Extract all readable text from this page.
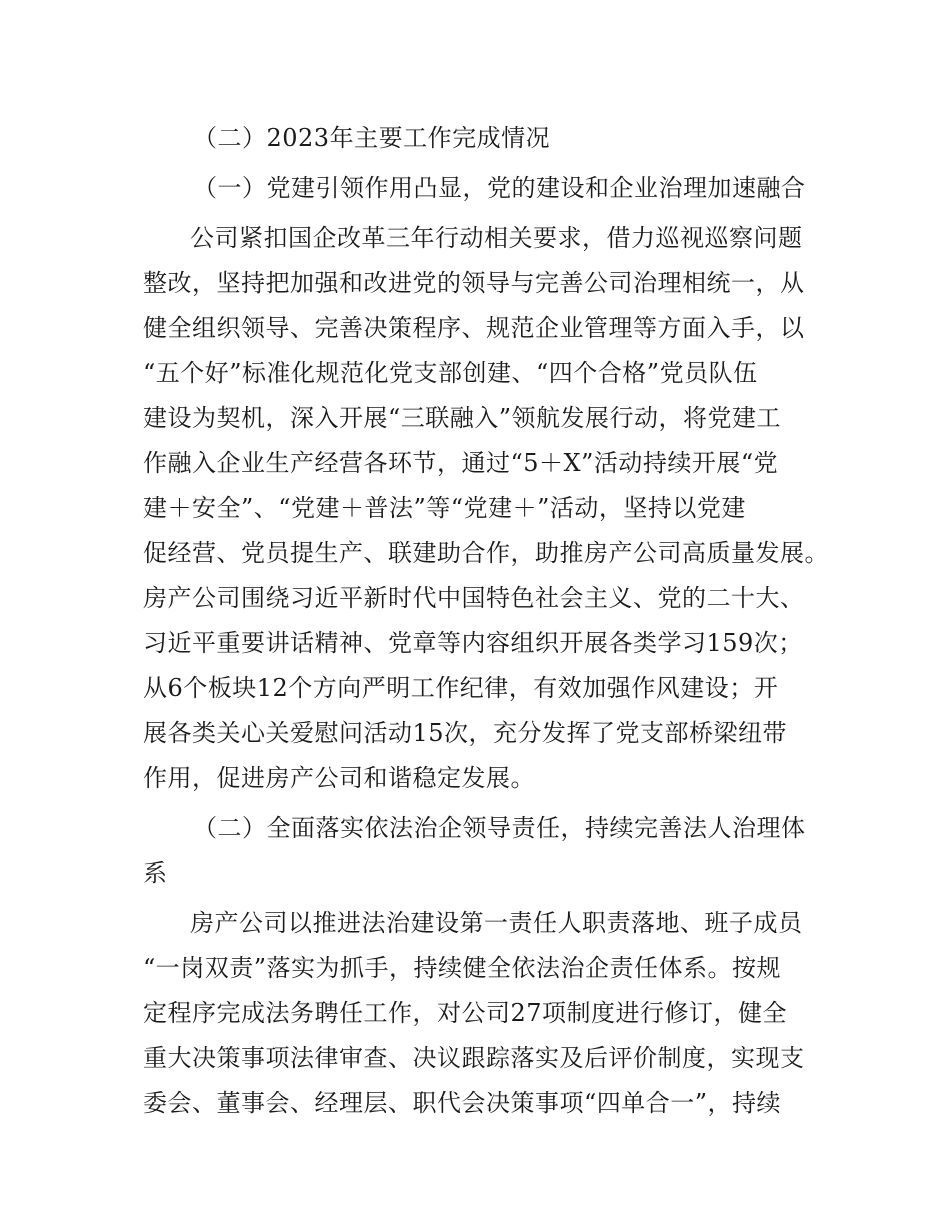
（二）2023年主要工作完成情况
（一）党建引领作用凸显，党的建设和企业治理加速融合
公司紧扣国企改革三年行动相关要求，借力巡视巡察问题
整改，坚持把加强和改进党的领导与完善公司治理相统一，从
健全组织领导、完善决策程序、规范企业管理等方面入手，以
“五个好”标准化规范化党支部创建、“四个合格”党员队伍
建设为契机，深入开展“三联融入”领航发展行动，将党建工
作融入企业生产经营各环节，通过“5＋X”活动持续开展“党
建＋安全”、“党建＋普法”等“党建＋”活动，坚持以党建
促经营、党员提生产、联建助合作，助推房产公司高质量发展。
房产公司围绕习近平新时代中国特色社会主义、党的二十大、
习近平重要讲话精神、党章等内容组织开展各类学习159次；
从6个板块12个方向严明工作纪律，有效加强作风建设；开
展各类关心关爱慰问活动15次，充分发挥了党支部桥梁纽带
作用，促进房产公司和谐稳定发展。
（二）全面落实依法治企领导责任，持续完善法人治理体
系
房产公司以推进法治建设第一责任人职责落地、班子成员
“一岗双责”落实为抓手，持续健全依法治企责任体系。按规
定程序完成法务聘任工作，对公司27项制度进行修订，健全
重大决策事项法律审查、决议跟踪落实及后评价制度，实现支
委会、董事会、经理层、职代会决策事项“四单合一”，持续
